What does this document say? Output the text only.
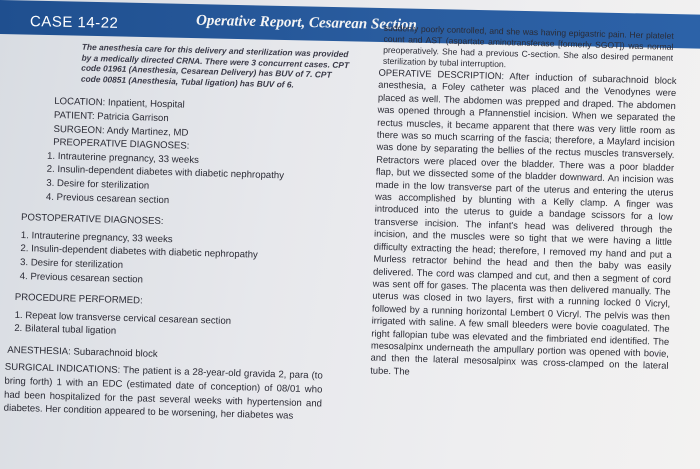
CASE 14-22	Operative Report, Cesarean Section

The anesthesia care for this delivery and sterilization was provided by a medically directed CRNA. There were 3 concurrent cases. CPT code 01961 (Anesthesia, Cesarean Delivery) has BUV of 7. CPT code 00851 (Anesthesia, Tubal ligation) has BUV of 6.

LOCATION: Inpatient, Hospital

PATIENT: Patricia Garrison

SURGEON: Andy Martinez, MD

PREOPERATIVE DIAGNOSES:

1. Intrauterine pregnancy, 33 weeks
2. Insulin-dependent diabetes with diabetic nephropathy
3. Desire for sterilization
4. Previous cesarean section

POSTOPERATIVE DIAGNOSES:

1. Intrauterine pregnancy, 33 weeks
2. Insulin-dependent diabetes with diabetic nephropathy
3. Desire for sterilization
4. Previous cesarean section

PROCEDURE PERFORMED:

1. Repeat low transverse cervical cesarean section
2. Bilateral tubal ligation

ANESTHESIA: Subarachnoid block

SURGICAL INDICATIONS: The patient is a 28-year-old gravida 2, para (to bring forth) 1 with an EDC (estimated date of conception) of 08/01 who had been hospitalized for the past several weeks with hypertension and diabetes. Her condition appeared to be worsening, her diabetes was

suddenly poorly controlled, and she was having epigastric pain. Her platelet count and AST (aspartate aminotransferase [formerly SGOT]) was normal preoperatively. She had a previous C-section. She also desired permanent sterilization by tubal interruption.

OPERATIVE DESCRIPTION: After induction of subarachnoid block anesthesia, a Foley catheter was placed and the Venodynes were placed as well. The abdomen was prepped and draped. The abdomen was opened through a Pfannenstiel incision. When we separated the rectus muscles, it became apparent that there was very little room as there was so much scarring of the fascia; therefore, a Maylard incision was done by separating the bellies of the rectus muscles transversely. Retractors were placed over the bladder. There was a poor bladder flap, but we dissected some of the bladder downward. An incision was made in the low transverse part of the uterus and entering the uterus was accomplished by blunting with a Kelly clamp. A finger was introduced into the uterus to guide a bandage scissors for a low transverse incision. The infant's head was delivered through the incision, and the muscles were so tight that we were having a little difficulty extracting the head; therefore, I removed my hand and put a Murless retractor behind the head and then the baby was easily delivered. The cord was clamped and cut, and then a segment of cord was sent off for gases. The placenta was then delivered manually. The uterus was closed in two layers, first with a running locked 0 Vicryl, followed by a running horizontal Lembert 0 Vicryl. The pelvis was then irrigated with saline. A few small bleeders were bovie coagulated. The right fallopian tube was elevated and the fimbriated end identified. The mesosalpinx underneath the ampullary portion was opened with bovie, and then the lateral mesosalpinx was cross-clamped on the lateral tube. The
